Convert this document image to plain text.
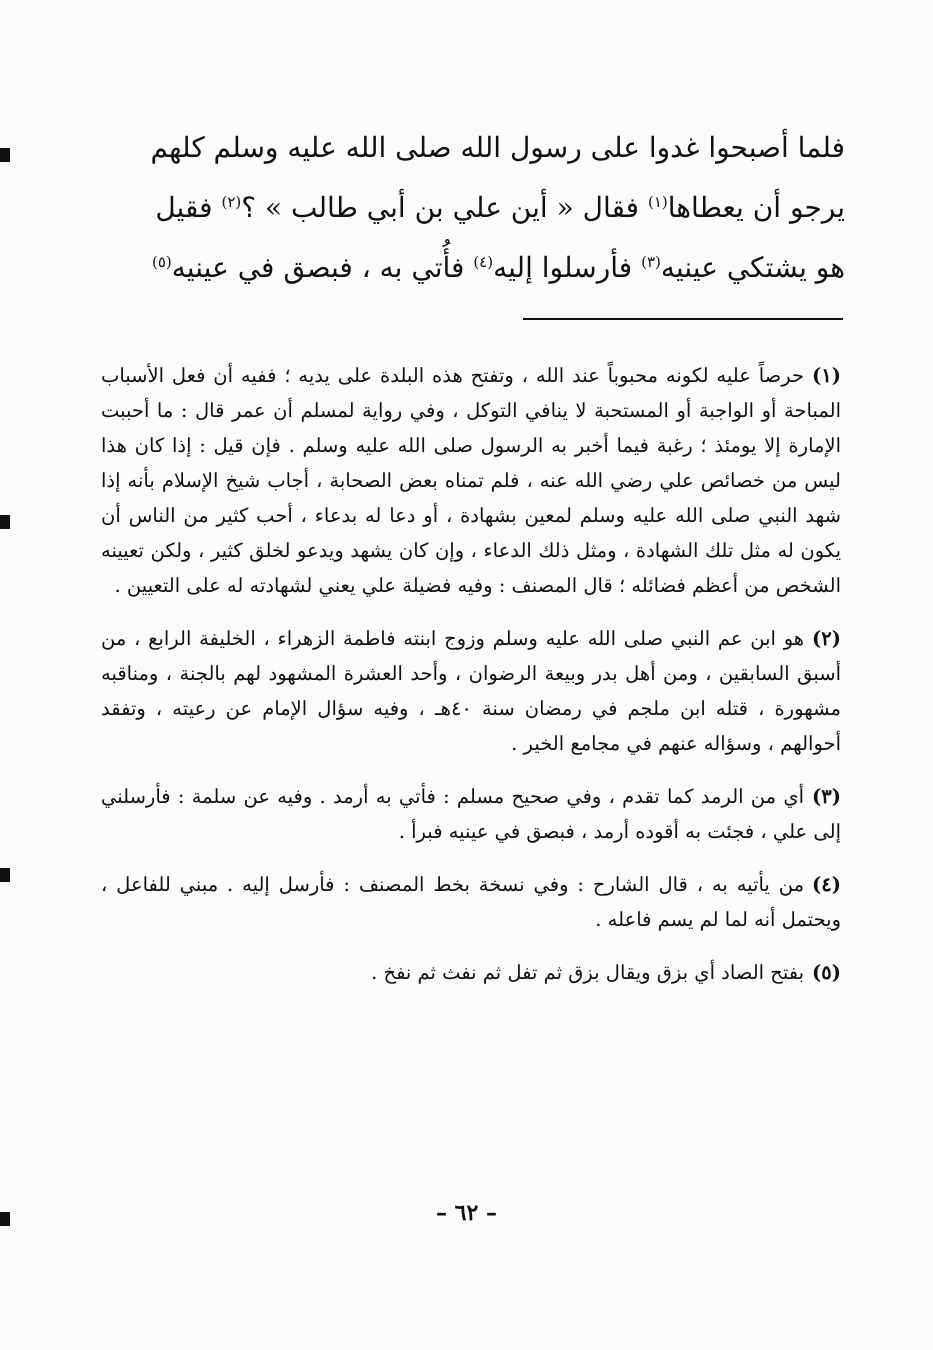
فلما أصبحوا غدوا على رسول الله صلى الله عليه وسلم كلهم
يرجو أن يعطاها$^{(١)}$ فقال « أين علي بن أبي طالب » ؟$^{(٢)}$ فقيل
هو يشتكي عينيه$^{(٣)}$ فأرسلوا إليه$^{(٤)}$ فأُتي به ، فبصق في عينيه$^{(٥)}$

(١)حرصاً عليه لكونه محبوباً عند الله ، وتفتح هذه البلدة على يديه ؛ ففيه أن فعل الأسباب المباحة أو الواجبة أو المستحبة لا ينافي التوكل ، وفي رواية لمسلم أن عمر قال : ما أحببت الإمارة إلا يومئذ ؛ رغبة فيما أخبر به الرسول صلى الله عليه وسلم . فإن قيل : إذا كان هذا ليس من خصائص علي رضي الله عنه ، فلم تمناه بعض الصحابة ، أجاب شيخ الإسلام بأنه إذا شهد النبي صلى الله عليه وسلم لمعين بشهادة ، أو دعا له بدعاء ، أحب كثير من الناس أن يكون له مثل تلك الشهادة ، ومثل ذلك الدعاء ، وإن كان يشهد ويدعو لخلق كثير ، ولكن تعيينه الشخص من أعظم فضائله ؛ قال المصنف : وفيه فضيلة علي يعني لشهادته له على التعيين .

(٢)هو ابن عم النبي صلى الله عليه وسلم وزوج ابنته فاطمة الزهراء ، الخليفة الرابع ، من أسبق السابقين ، ومن أهل بدر وبيعة الرضوان ، وأحد العشرة المشهود لهم بالجنة ، ومناقبه مشهورة ، قتله ابن ملجم في رمضان سنة ٤٠هـ ، وفيه سؤال الإمام عن رعيته ، وتفقد أحوالهم ، وسؤاله عنهم في مجامع الخير .

(٣)أي من الرمد كما تقدم ، وفي صحيح مسلم : فأتي به أرمد . وفيه عن سلمة : فأرسلني إلى علي ، فجئت به أقوده أرمد ، فبصق في عينيه فبرأ .

(٤)من يأتيه به ، قال الشارح : وفي نسخة بخط المصنف : فأرسل إليه . مبني للفاعل ، ويحتمل أنه لما لم يسم فاعله .

(٥)بفتح الصاد أي بزق ويقال بزق ثم تفل ثم نفث ثم نفخ .

– ٦٢ –
